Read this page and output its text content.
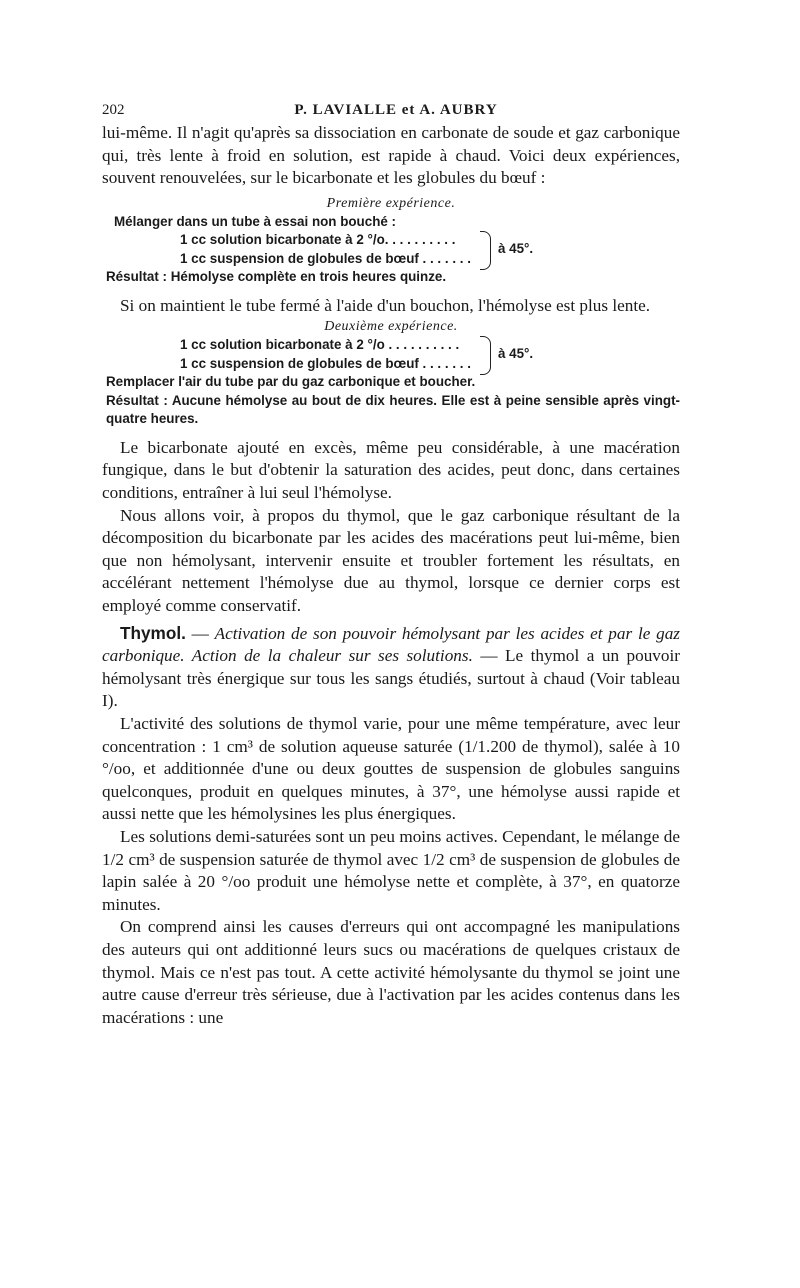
202	P. LAVIALLE et A. AUBRY

lui-même. Il n'agit qu'après sa dissociation en carbonate de soude et gaz carbonique qui, très lente à froid en solution, est rapide à chaud. Voici deux expériences, souvent renouvelées, sur le bicarbonate et les globules du bœuf :

Première expérience.

Mélanger dans un tube à essai non bouché :

1 cc solution bicarbonate à 2 °/o. . . . . . . . . .
1 cc suspension de globules de bœuf . . . . . . .
à 45°.

Résultat : Hémolyse complète en trois heures quinze.

Si on maintient le tube fermé à l'aide d'un bouchon, l'hémolyse est plus lente.

Deuxième expérience.

1 cc solution bicarbonate à 2 °/o . . . . . . . . . .
1 cc suspension de globules de bœuf . . . . . . .
à 45°.

Remplacer l'air du tube par du gaz carbonique et boucher.

Résultat : Aucune hémolyse au bout de dix heures. Elle est à peine sensible après vingt-quatre heures.

Le bicarbonate ajouté en excès, même peu considérable, à une macération fungique, dans le but d'obtenir la saturation des acides, peut donc, dans certaines conditions, entraîner à lui seul l'hémolyse.

Nous allons voir, à propos du thymol, que le gaz carbonique résultant de la décomposition du bicarbonate par les acides des macérations peut lui-même, bien que non hémolysant, intervenir ensuite et troubler fortement les résultats, en accélérant nettement l'hémolyse due au thymol, lorsque ce dernier corps est employé comme conservatif.

Thymol. — Activation de son pouvoir hémolysant par les acides et par le gaz carbonique. Action de la chaleur sur ses solutions. — Le thymol a un pouvoir hémolysant très énergique sur tous les sangs étudiés, surtout à chaud (Voir tableau I).

L'activité des solutions de thymol varie, pour une même température, avec leur concentration : 1 cm³ de solution aqueuse saturée (1/1.200 de thymol), salée à 10 °/oo, et additionnée d'une ou deux gouttes de suspension de globules sanguins quelconques, produit en quelques minutes, à 37°, une hémolyse aussi rapide et aussi nette que les hémolysines les plus énergiques.

Les solutions demi-saturées sont un peu moins actives. Cependant, le mélange de 1/2 cm³ de suspension saturée de thymol avec 1/2 cm³ de suspension de globules de lapin salée à 20 °/oo produit une hémolyse nette et complète, à 37°, en quatorze minutes.

On comprend ainsi les causes d'erreurs qui ont accompagné les manipulations des auteurs qui ont additionné leurs sucs ou macérations de quelques cristaux de thymol. Mais ce n'est pas tout. A cette activité hémolysante du thymol se joint une autre cause d'erreur très sérieuse, due à l'activation par les acides contenus dans les macérations : une
